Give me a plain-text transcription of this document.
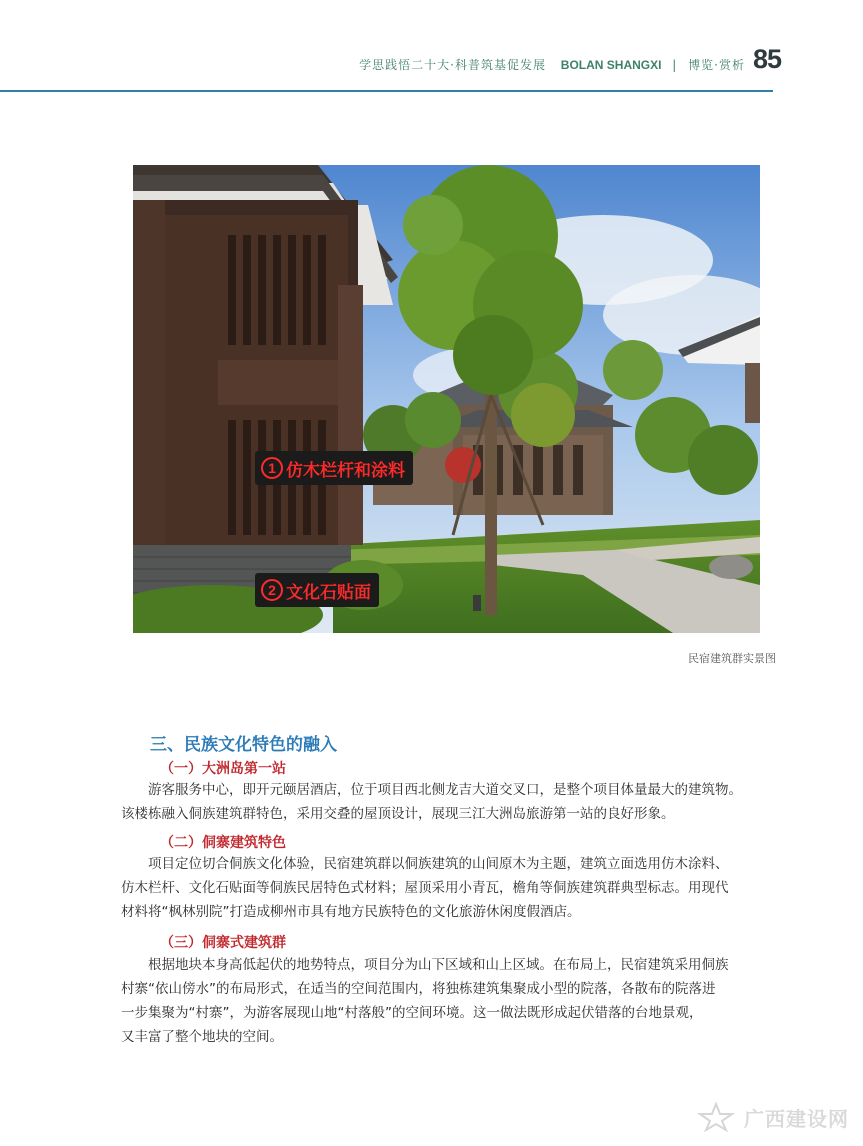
学思践悟二十大·科普筑基促发展 BOLAN SHANGXI | 博览·赏析 85
1 仿木栏杆和涂料
2 文化石贴面
民宿建筑群实景图
三、民族文化特色的融入
（一）大洲岛第一站

游客服务中心，即开元颐居酒店，位于项目西北侧龙吉大道交叉口，是整个项目体量最大的建筑物。

该楼栋融入侗族建筑群特色，采用交叠的屋顶设计，展现三江大洲岛旅游第一站的良好形象。

（二）侗寨建筑特色

项目定位切合侗族文化体验，民宿建筑群以侗族建筑的山间原木为主题，建筑立面选用仿木涂料、

仿木栏杆、文化石贴面等侗族民居特色式材料；屋顶采用小青瓦，檐角等侗族建筑群典型标志。用现代

材料将“枫林别院”打造成柳州市具有地方民族特色的文化旅游休闲度假酒店。

（三）侗寨式建筑群

根据地块本身高低起伏的地势特点，项目分为山下区域和山上区域。在布局上，民宿建筑采用侗族

村寨“依山傍水”的布局形式，在适当的空间范围内，将独栋建筑集聚成小型的院落，各散布的院落进

一步集聚为“村寨”，为游客展现山地“村落般”的空间环境。这一做法既形成起伏错落的台地景观，

又丰富了整个地块的空间。

广西建设网
